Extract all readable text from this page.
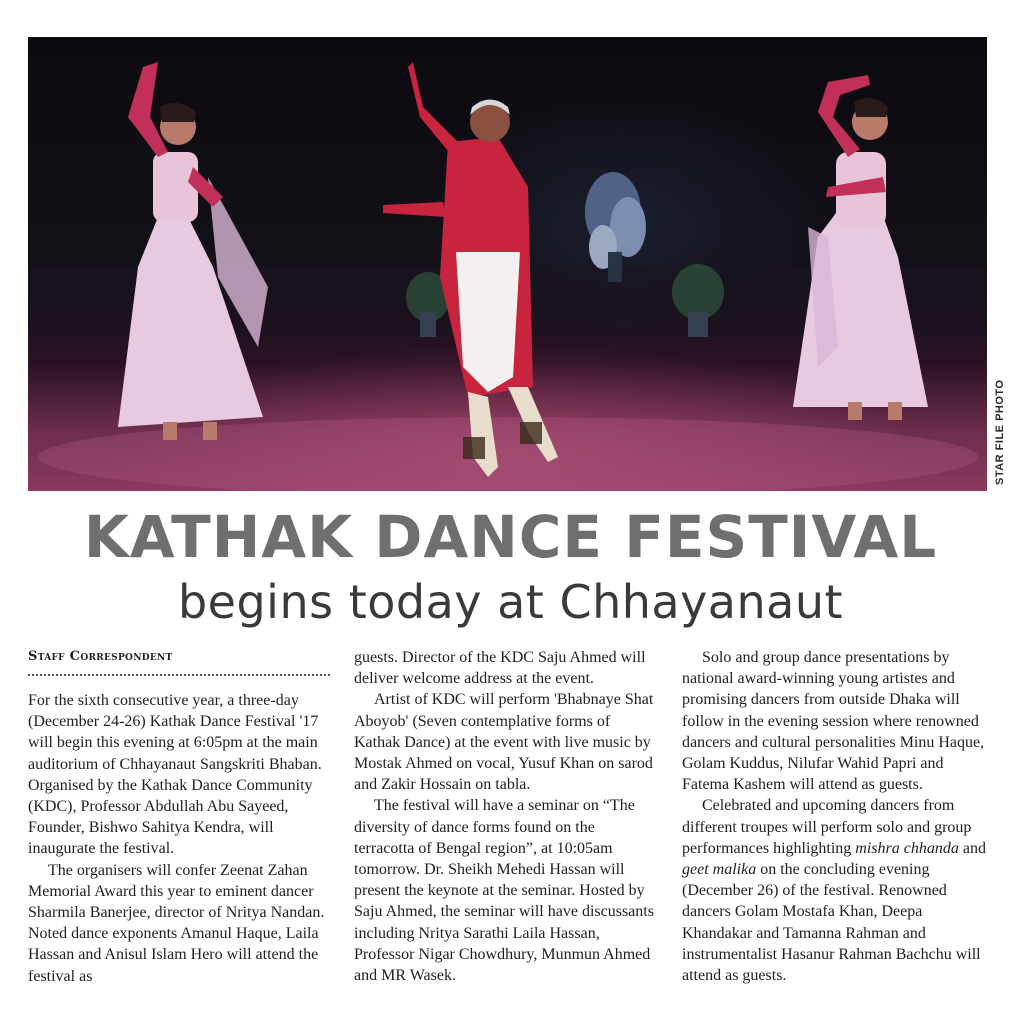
STAR FILE PHOTO
KATHAK DANCE FESTIVAL
begins today at Chhayanaut
Staff Correspondent

For the sixth consecutive year, a three-day (December 24-26) Kathak Dance Festival '17 will begin this evening at 6:05pm at the main auditorium of Chhayanaut Sangskriti Bhaban. Organised by the Kathak Dance Community (KDC), Professor Abdullah Abu Sayeed, Founder, Bishwo Sahitya Kendra, will inaugurate the festival.

The organisers will confer Zeenat Zahan Memorial Award this year to eminent dancer Sharmila Banerjee, director of Nritya Nandan. Noted dance exponents Amanul Haque, Laila Hassan and Anisul Islam Hero will attend the festival as

guests. Director of the KDC Saju Ahmed will deliver welcome address at the event.

Artist of KDC will perform 'Bhabnaye Shat Aboyob' (Seven contemplative forms of Kathak Dance) at the event with live music by Mostak Ahmed on vocal, Yusuf Khan on sarod and Zakir Hossain on tabla.

The festival will have a seminar on “The diversity of dance forms found on the terracotta of Bengal region”, at 10:05am tomorrow. Dr. Sheikh Mehedi Hassan will present the keynote at the seminar. Hosted by Saju Ahmed, the seminar will have discussants including Nritya Sarathi Laila Hassan, Professor Nigar Chowdhury, Munmun Ahmed and MR Wasek.

Solo and group dance presentations by national award-winning young artistes and promising dancers from outside Dhaka will follow in the evening session where renowned dancers and cultural personalities Minu Haque, Golam Kuddus, Nilufar Wahid Papri and Fatema Kashem will attend as guests.

Celebrated and upcoming dancers from different troupes will perform solo and group performances highlighting mishra chhanda and geet malika on the concluding evening (December 26) of the festival. Renowned dancers Golam Mostafa Khan, Deepa Khandakar and Tamanna Rahman and instrumentalist Hasanur Rahman Bachchu will attend as guests.
